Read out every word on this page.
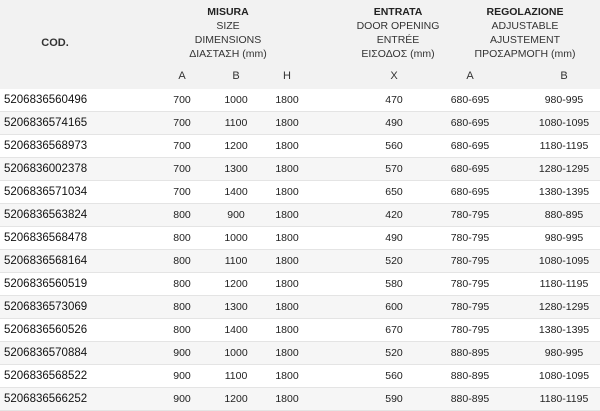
COD.
MISURA
SIZE
DIMENSIONS
ΔΙΑΣΤΑΣΗ (mm)
ENTRATA
DOOR OPENING
ENTRÉE
ΕΙΣΟΔΟΣ (mm)
REGOLAZIONE
ADJUSTABLE
AJUSTEMENT
ΠΡΟΣΑΡΜΟΓΗ (mm)
A	B	H	X	A	B
5206836560496	700	1000	1800	470	680-695	980-995
5206836574165	700	1100	1800	490	680-695	1080-1095
5206836568973	700	1200	1800	560	680-695	1180-1195
5206836002378	700	1300	1800	570	680-695	1280-1295
5206836571034	700	1400	1800	650	680-695	1380-1395
5206836563824	800	900	1800	420	780-795	880-895
5206836568478	800	1000	1800	490	780-795	980-995
5206836568164	800	1100	1800	520	780-795	1080-1095
5206836560519	800	1200	1800	580	780-795	1180-1195
5206836573069	800	1300	1800	600	780-795	1280-1295
5206836560526	800	1400	1800	670	780-795	1380-1395
5206836570884	900	1000	1800	520	880-895	980-995
5206836568522	900	1100	1800	560	880-895	1080-1095
5206836566252	900	1200	1800	590	880-895	1180-1195
